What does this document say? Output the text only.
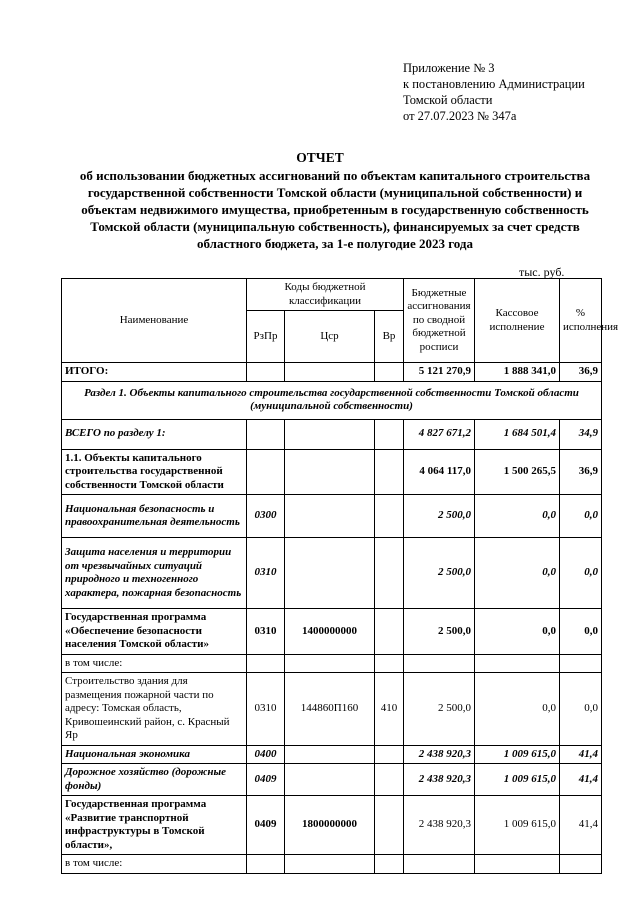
Приложение № 3
к постановлению Администрации
Томской области
от 27.07.2023 № 347а
ОТЧЕТ
об использовании бюджетных ассигнований по объектам капитального строительства государственной собственности Томской области (муниципальной собственности) и объектам недвижимого имущества, приобретенным в государственную собственность Томской области (муниципальную собственность), финансируемых за счет средств областного бюджета, за 1-е полугодие 2023 года
тыс. руб.
Наименование	Коды бюджетной классификации			Бюджетные ассигнования по сводной бюджетной росписи	Кассовое исполнение	% исполнения
	РзПр	Цср	Вр			
ИТОГО:				5 121 270,9	1 888 341,0	36,9
Раздел 1. Объекты капитального строительства государственной собственности Томской области (муниципальной собственности)						
ВСЕГО по разделу 1:				4 827 671,2	1 684 501,4	34,9
1.1. Объекты капитального строительства государственной собственности Томской области				4 064 117,0	1 500 265,5	36,9
Национальная безопасность и правоохранительная деятельность	0300			2 500,0	0,0	0,0
Защита населения и территории от чрезвычайных ситуаций природного и техногенного характера, пожарная безопасность	0310			2 500,0	0,0	0,0
Государственная программа «Обеспечение безопасности населения Томской области»	0310	1400000000		2 500,0	0,0	0,0
в том числе:						
Строительство здания для размещения пожарной части по адресу: Томская область, Кривошеинский район, с. Красный Яр	0310	144860П160	410	2 500,0	0,0	0,0
Национальная экономика	0400			2 438 920,3	1 009 615,0	41,4
Дорожное хозяйство (дорожные фонды)	0409			2 438 920,3	1 009 615,0	41,4
Государственная программа «Развитие транспортной инфраструктуры в Томской области»,	0409	1800000000		2 438 920,3	1 009 615,0	41,4
в том числе:						
